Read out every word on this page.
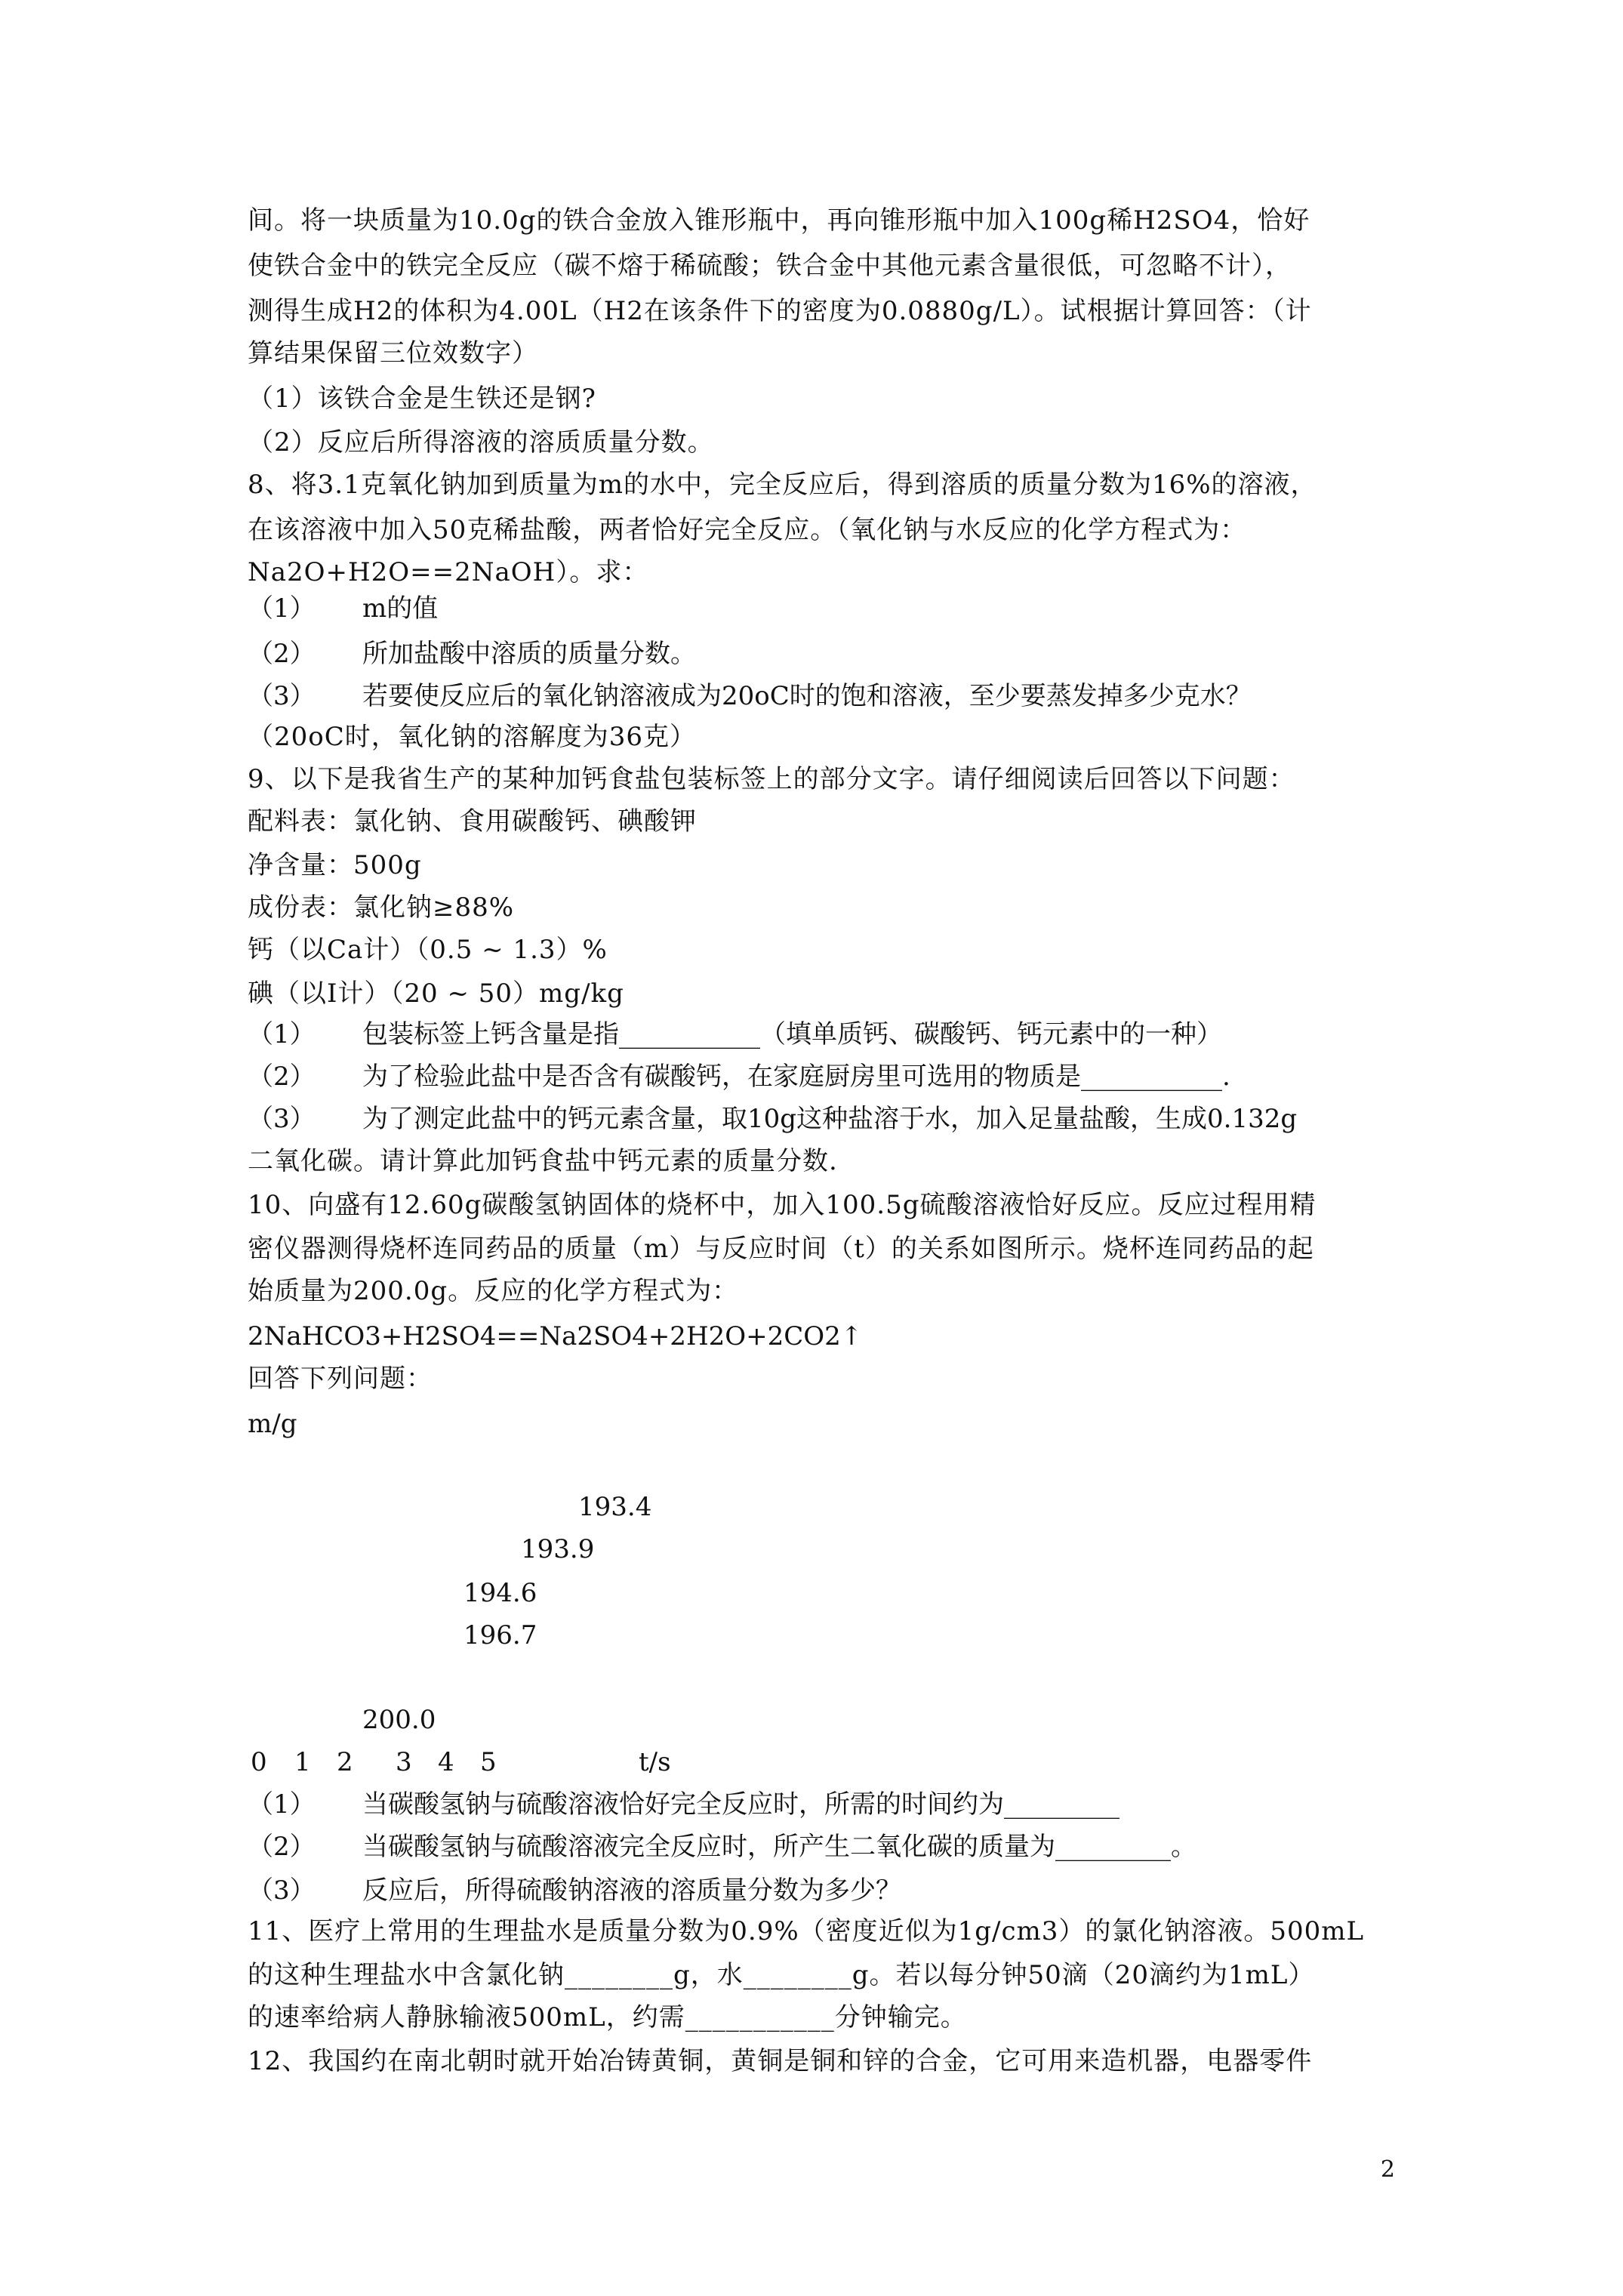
间。将一块质量为10.0g的铁合金放入锥形瓶中，再向锥形瓶中加入100g稀H2SO4，恰好
使铁合金中的铁完全反应（碳不熔于稀硫酸；铁合金中其他元素含量很低，可忽略不计），
测得生成H2的体积为4.00L（H2在该条件下的密度为0.0880g/L）。试根据计算回答：（计
算结果保留三位效数字）
（1）该铁合金是生铁还是钢?
（2）反应后所得溶液的溶质质量分数。
8、将3.1克氧化钠加到质量为m的水中，完全反应后，得到溶质的质量分数为16%的溶液，
在该溶液中加入50克稀盐酸，两者恰好完全反应。（氧化钠与水反应的化学方程式为：
Na2O+H2O==2NaOH）。求：
（1） m的值
（2） 所加盐酸中溶质的质量分数。
（3） 若要使反应后的氧化钠溶液成为20oC时的饱和溶液，至少要蒸发掉多少克水？
（20oC时，氧化钠的溶解度为36克）
9、以下是我省生产的某种加钙食盐包装标签上的部分文字。请仔细阅读后回答以下问题：
配料表：氯化钠、食用碳酸钙、碘酸钾
净含量：500g
成份表：氯化钠≥88%
钙（以Ca计）（0.5 ~ 1.3）%
碘（以I计）（20 ~ 50）mg/kg
（1） 包装标签上钙含量是指___________（填单质钙、碳酸钙、钙元素中的一种）
（2） 为了检验此盐中是否含有碳酸钙，在家庭厨房里可选用的物质是___________.
（3） 为了测定此盐中的钙元素含量，取10g这种盐溶于水，加入足量盐酸，生成0.132g
二氧化碳。请计算此加钙食盐中钙元素的质量分数.
10、向盛有12.60g碳酸氢钠固体的烧杯中，加入100.5g硫酸溶液恰好反应。反应过程用精
密仪器测得烧杯连同药品的质量（m）与反应时间（t）的关系如图所示。烧杯连同药品的起
始质量为200.0g。反应的化学方程式为：
2NaHCO3+H2SO4==Na2SO4+2H2O+2CO2↑
回答下列问题：
m/g
193.4
193.9
194.6
196.7
200.0
0 1 2 3 4 5	t/s
（1） 当碳酸氢钠与硫酸溶液恰好完全反应时，所需的时间约为_________
（2） 当碳酸氢钠与硫酸溶液完全反应时，所产生二氧化碳的质量为_________。
（3） 反应后，所得硫酸钠溶液的溶质量分数为多少？
11、医疗上常用的生理盐水是质量分数为0.9%（密度近似为1g/cm3）的氯化钠溶液。500mL
的这种生理盐水中含氯化钠________g，水________g。若以每分钟50滴（20滴约为1mL）
的速率给病人静脉输液500mL，约需___________分钟输完。
12、我国约在南北朝时就开始冶铸黄铜，黄铜是铜和锌的合金，它可用来造机器，电器零件
2
